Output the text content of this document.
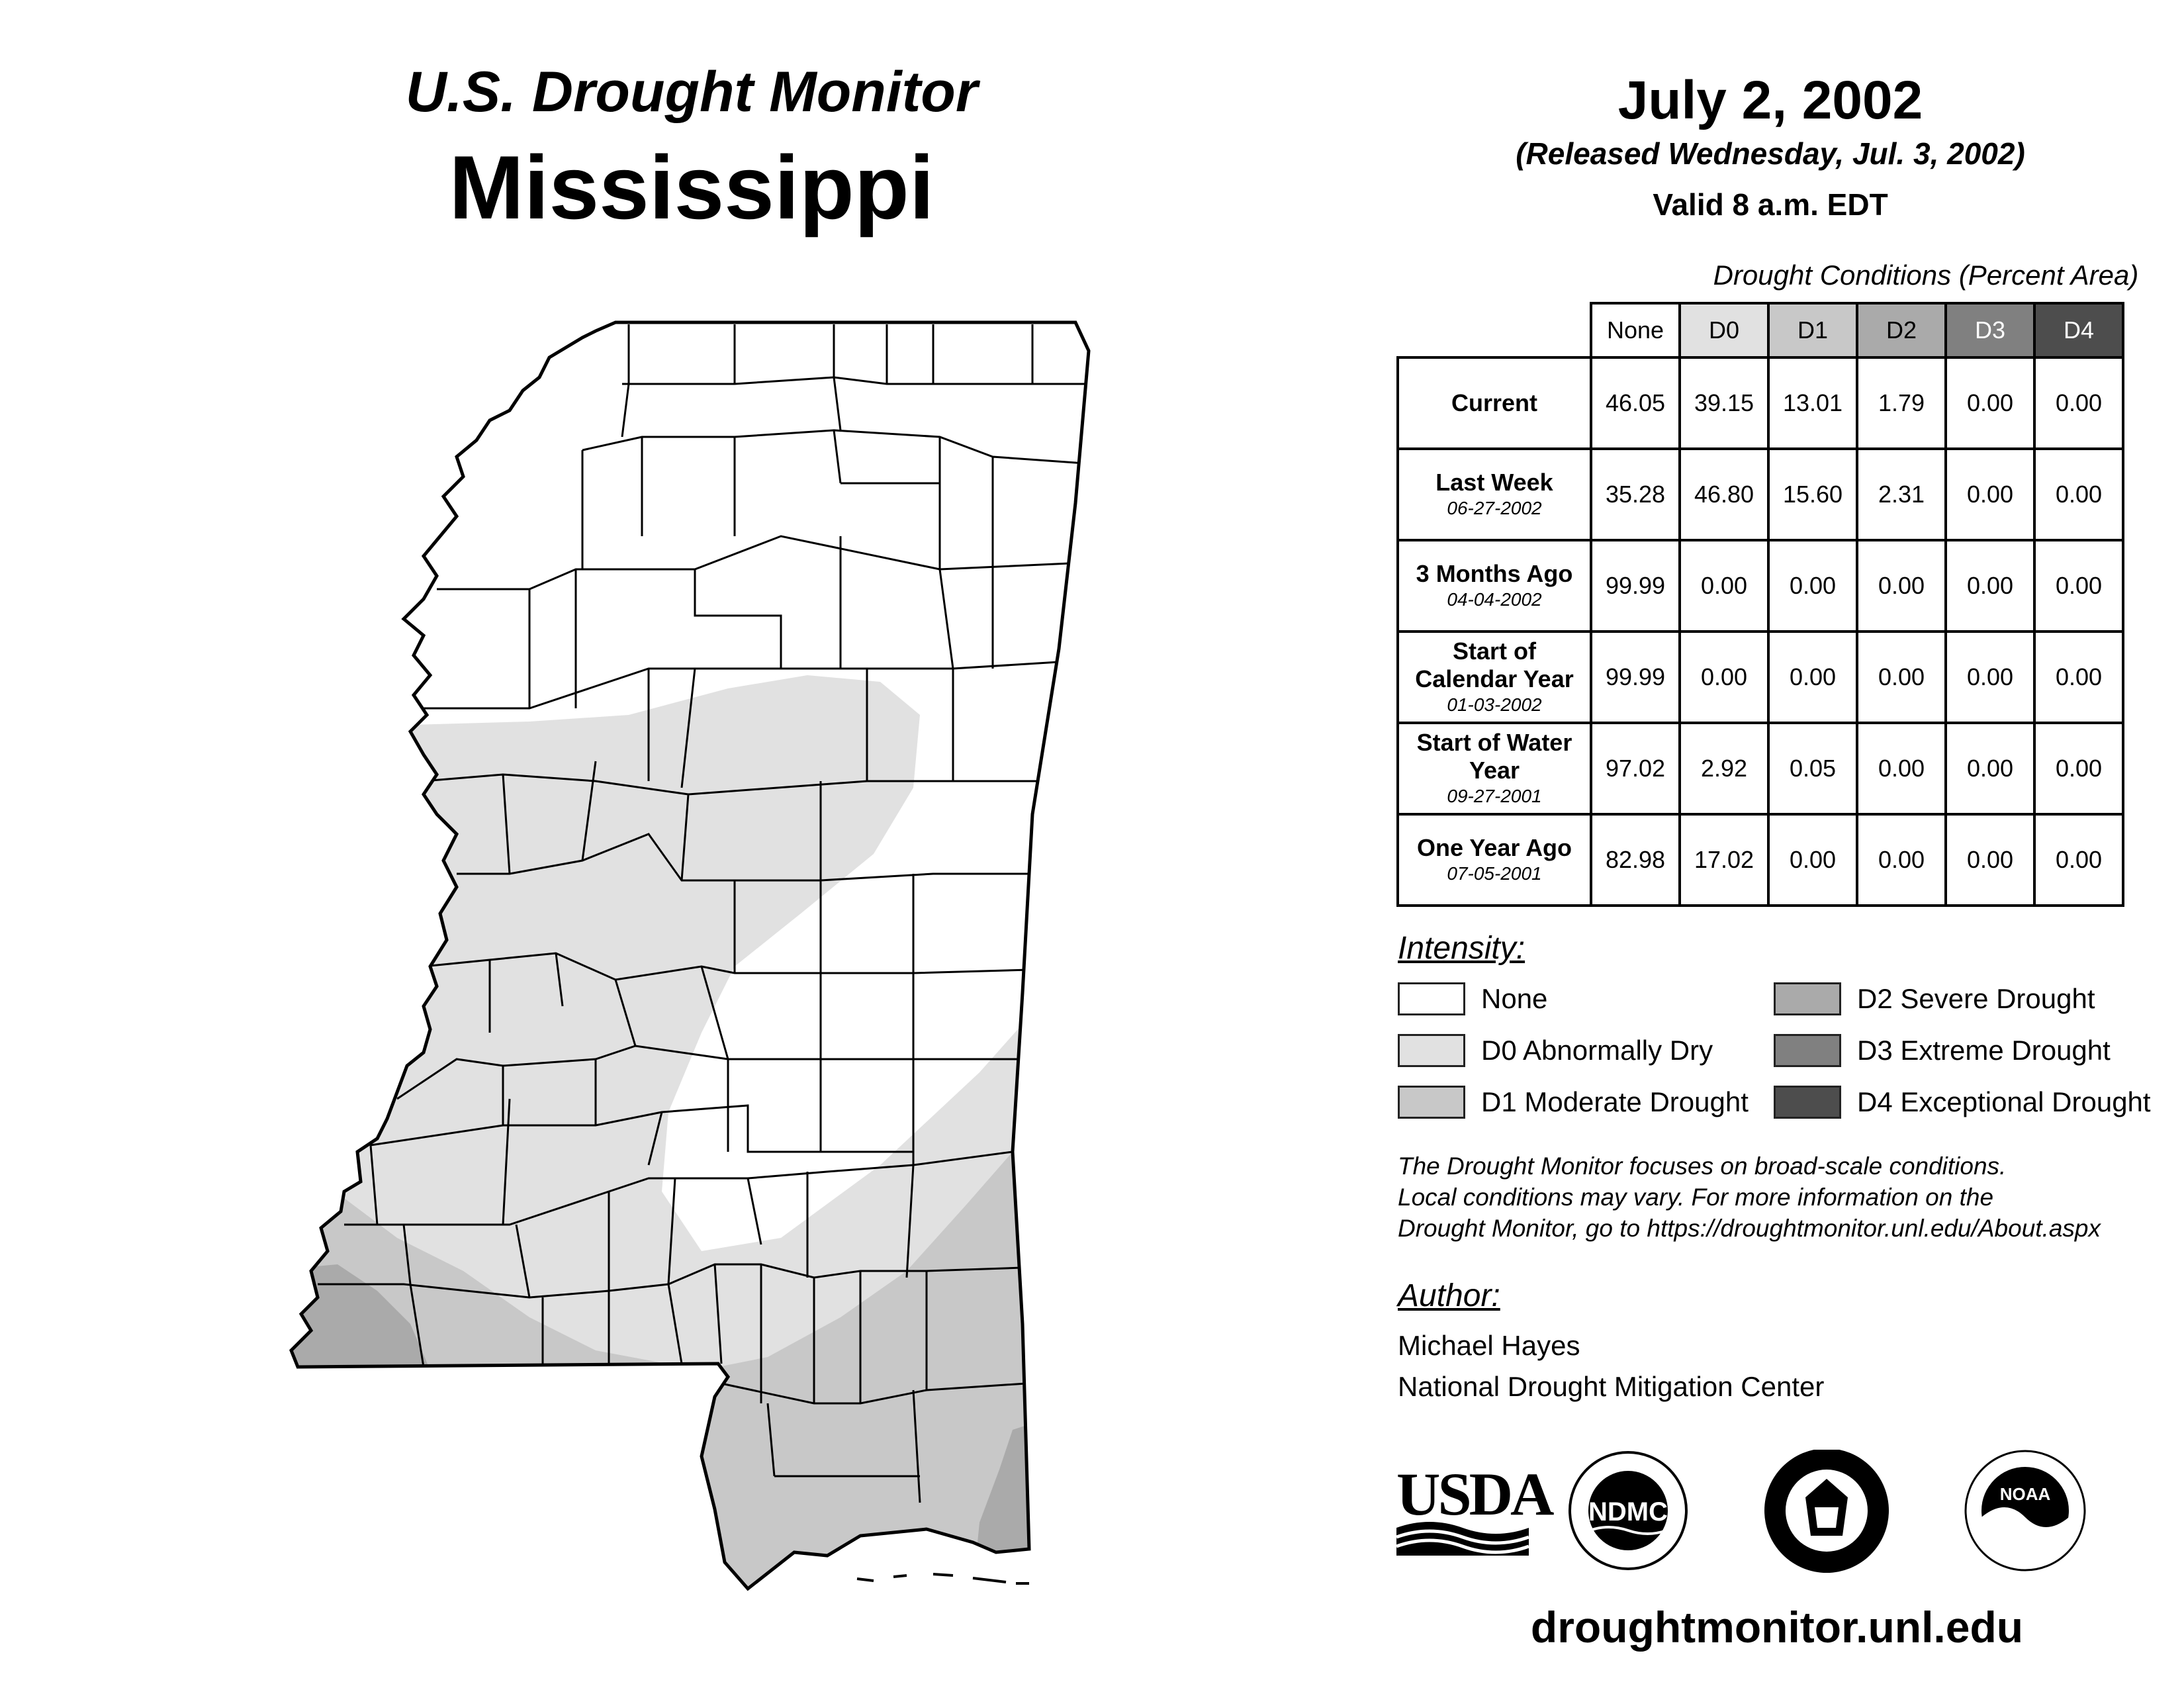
U.S. Drought Monitor
Mississippi
July 2, 2002
(Released Wednesday, Jul. 3, 2002)
Valid 8 a.m. EDT
Drought Conditions (Percent Area)
	None	D0	D1	D2	D3	D4
Current	46.05	39.15	13.01	1.79	0.00	0.00
Last Week
06-27-2002	35.28	46.80	15.60	2.31	0.00	0.00
3 Months Ago
04-04-2002	99.99	0.00	0.00	0.00	0.00	0.00
Start of Calendar Year
01-03-2002	99.99	0.00	0.00	0.00	0.00	0.00
Start of Water Year
09-27-2001	97.02	2.92	0.05	0.00	0.00	0.00
One Year Ago
07-05-2001	82.98	17.02	0.00	0.00	0.00	0.00
Intensity:
None
D0 Abnormally Dry
D1 Moderate Drought
D2 Severe Drought
D3 Extreme Drought
D4 Exceptional Drought
The Drought Monitor focuses on broad-scale conditions.
Local conditions may vary. For more information on the
Drought Monitor, go to https://droughtmonitor.unl.edu/About.aspx
Author:
Michael Hayes
National Drought Mitigation Center
USDA NDMC
NOAA
droughtmonitor.unl.edu
